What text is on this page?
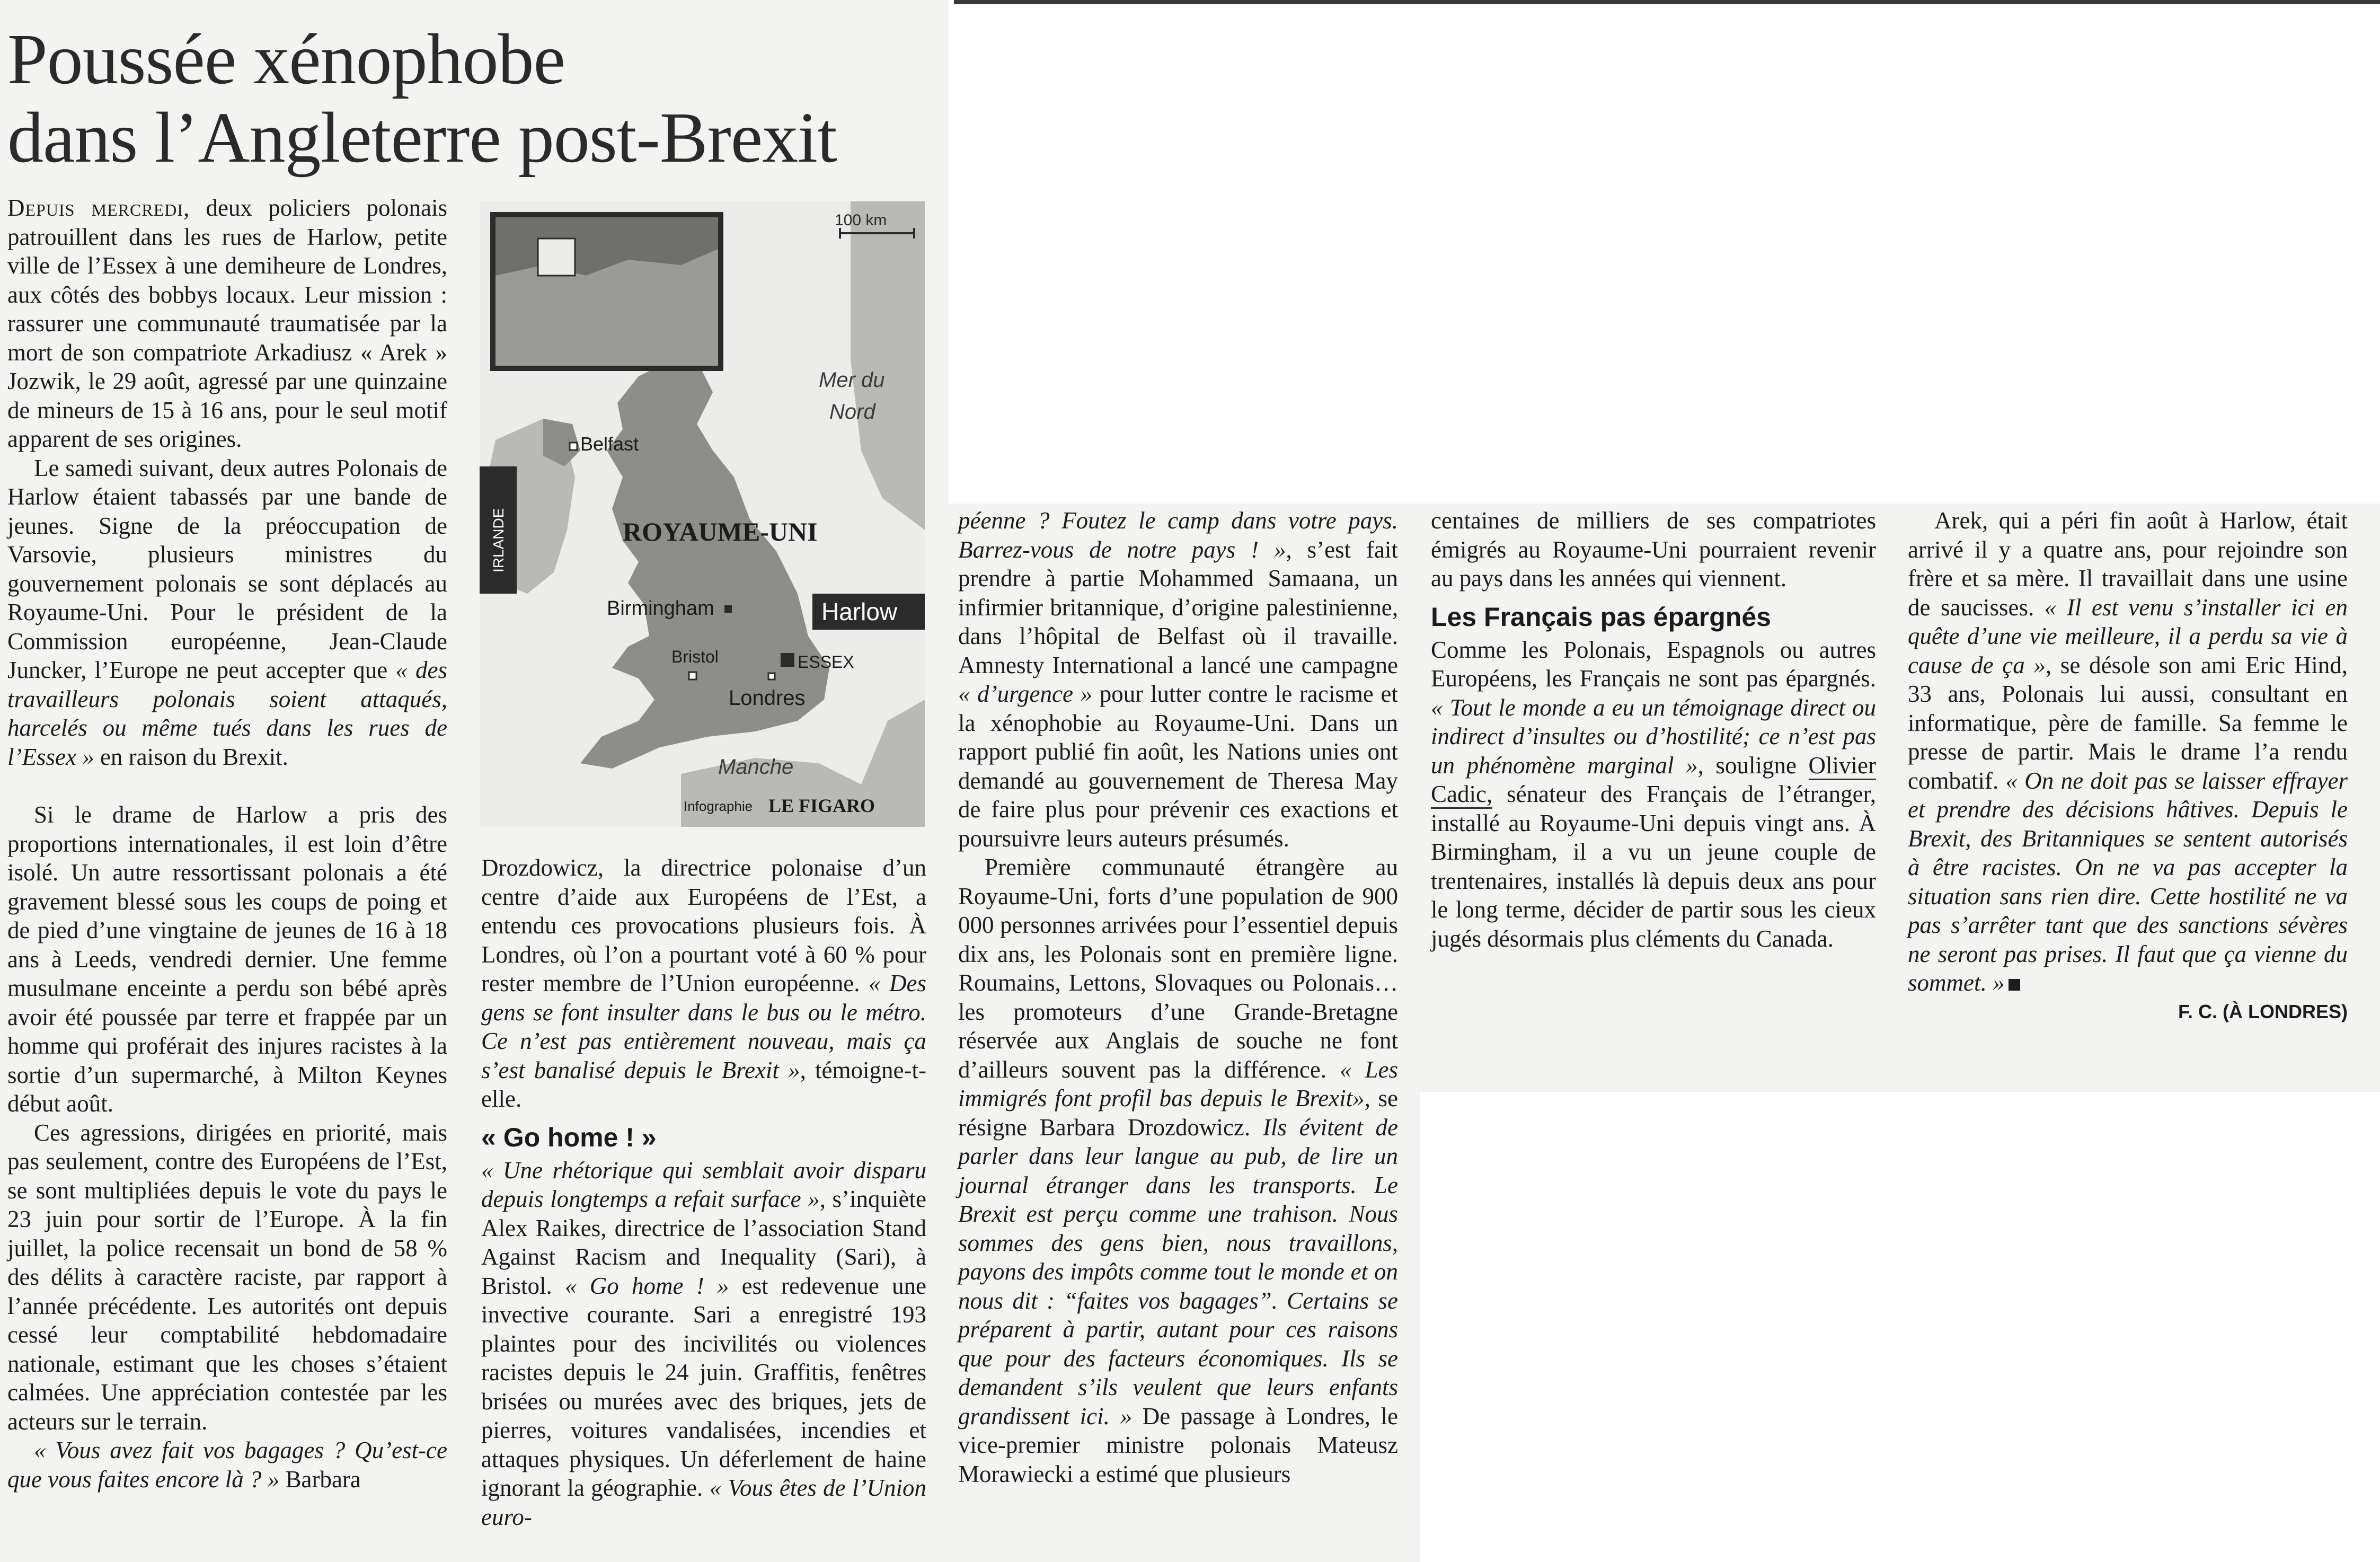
Poussée xénophobe
dans l’Angleterre post-Brexit
100 km
Mer du
Nord
IRLANDE
Belfast
ROYAUME-UNI
Birmingham	Harlow
Bristol	ESSEX
Londres
Manche
Infographie LE FIGARO

Depuis mercredi, deux policiers polonais patrouillent dans les rues de Harlow, petite ville de l’Essex à une demiheure de Londres, aux côtés des bobbys locaux. Leur mission : rassurer une communauté traumatisée par la mort de son compatriote Arkadiusz « Arek » Jozwik, le 29 août, agressé par une quinzaine de mineurs de 15 à 16 ans, pour le seul motif apparent de ses origines.

Le samedi suivant, deux autres Polonais de Harlow étaient tabassés par une bande de jeunes. Signe de la préoccupation de Varsovie, plusieurs ministres du gouvernement polonais se sont déplacés au Royaume-Uni. Pour le président de la Commission européenne, Jean-Claude Juncker, l’Europe ne peut accepter que « des travailleurs polonais soient attaqués, harcelés ou même tués dans les rues de l’Essex » en raison du Brexit.

Si le drame de Harlow a pris des proportions internationales, il est loin d’être isolé. Un autre ressortissant polonais a été gravement blessé sous les coups de poing et de pied d’une vingtaine de jeunes de 16 à 18 ans à Leeds, vendredi dernier. Une femme musulmane enceinte a perdu son bébé après avoir été poussée par terre et frappée par un homme qui proférait des injures racistes à la sortie d’un supermarché, à Milton Keynes début août.

Ces agressions, dirigées en priorité, mais pas seulement, contre des Européens de l’Est, se sont multipliées depuis le vote du pays le 23 juin pour sortir de l’Europe. À la fin juillet, la police recensait un bond de 58 % des délits à caractère raciste, par rapport à l’année précédente. Les autorités ont depuis cessé leur comptabilité hebdomadaire nationale, estimant que les choses s’étaient calmées. Une appréciation contestée par les acteurs sur le terrain.

« Vous avez fait vos bagages ? Qu’est-ce que vous faites encore là ? » Barbara

Drozdowicz, la directrice polonaise d’un centre d’aide aux Européens de l’Est, a entendu ces provocations plusieurs fois. À Londres, où l’on a pourtant voté à 60 % pour rester membre de l’Union européenne. « Des gens se font insulter dans le bus ou le métro. Ce n’est pas entièrement nouveau, mais ça s’est banalisé depuis le Brexit », témoigne-t-elle.

« Go home ! »

« Une rhétorique qui semblait avoir disparu depuis longtemps a refait surface », s’inquiète Alex Raikes, directrice de l’association Stand Against Racism and Inequality (Sari), à Bristol. « Go home ! » est redevenue une invective courante. Sari a enregistré 193 plaintes pour des incivilités ou violences racistes depuis le 24 juin. Graffitis, fenêtres brisées ou murées avec des briques, jets de pierres, voitures vandalisées, incendies et attaques physiques. Un déferlement de haine ignorant la géographie. « Vous êtes de l’Union euro-

péenne ? Foutez le camp dans votre pays. Barrez-vous de notre pays ! », s’est fait prendre à partie Mohammed Samaana, un infirmier britannique, d’origine palestinienne, dans l’hôpital de Belfast où il travaille. Amnesty International a lancé une campagne « d’urgence » pour lutter contre le racisme et la xénophobie au Royaume-Uni. Dans un rapport publié fin août, les Nations unies ont demandé au gouvernement de Theresa May de faire plus pour prévenir ces exactions et poursuivre leurs auteurs présumés.

Première communauté étrangère au Royaume-Uni, forts d’une population de 900 000 personnes arrivées pour l’essentiel depuis dix ans, les Polonais sont en première ligne. Roumains, Lettons, Slovaques ou Polonais… les promoteurs d’une Grande-Bretagne réservée aux Anglais de souche ne font d’ailleurs souvent pas la différence. « Les immigrés font profil bas depuis le Brexit», se résigne Barbara Drozdowicz. Ils évitent de parler dans leur langue au pub, de lire un journal étranger dans les transports. Le Brexit est perçu comme une trahison. Nous sommes des gens bien, nous travaillons, payons des impôts comme tout le monde et on nous dit : “faites vos bagages”. Certains se préparent à partir, autant pour ces raisons que pour des facteurs économiques. Ils se demandent s’ils veulent que leurs enfants grandissent ici. » De passage à Londres, le vice-premier ministre polonais Mateusz Morawiecki a estimé que plusieurs

centaines de milliers de ses compatriotes émigrés au Royaume-Uni pourraient revenir au pays dans les années qui viennent.

Les Français pas épargnés

Comme les Polonais, Espagnols ou autres Européens, les Français ne sont pas épargnés. « Tout le monde a eu un témoignage direct ou indirect d’insultes ou d’hostilité; ce n’est pas un phénomène marginal », souligne Olivier Cadic, sénateur des Français de l’étranger, installé au Royaume-Uni depuis vingt ans. À Birmingham, il a vu un jeune couple de trentenaires, installés là depuis deux ans pour le long terme, décider de partir sous les cieux jugés désormais plus cléments du Canada.

Arek, qui a péri fin août à Harlow, était arrivé il y a quatre ans, pour rejoindre son frère et sa mère. Il travaillait dans une usine de saucisses. « Il est venu s’installer ici en quête d’une vie meilleure, il a perdu sa vie à cause de ça », se désole son ami Eric Hind, 33 ans, Polonais lui aussi, consultant en informatique, père de famille. Sa femme le presse de partir. Mais le drame l’a rendu combatif. « On ne doit pas se laisser effrayer et prendre des décisions hâtives. Depuis le Brexit, des Britanniques se sentent autorisés à être racistes. On ne va pas accepter la situation sans rien dire. Cette hostilité ne va pas s’arrêter tant que des sanctions sévères ne seront pas prises. Il faut que ça vienne du sommet. »

F. C. (À LONDRES)
